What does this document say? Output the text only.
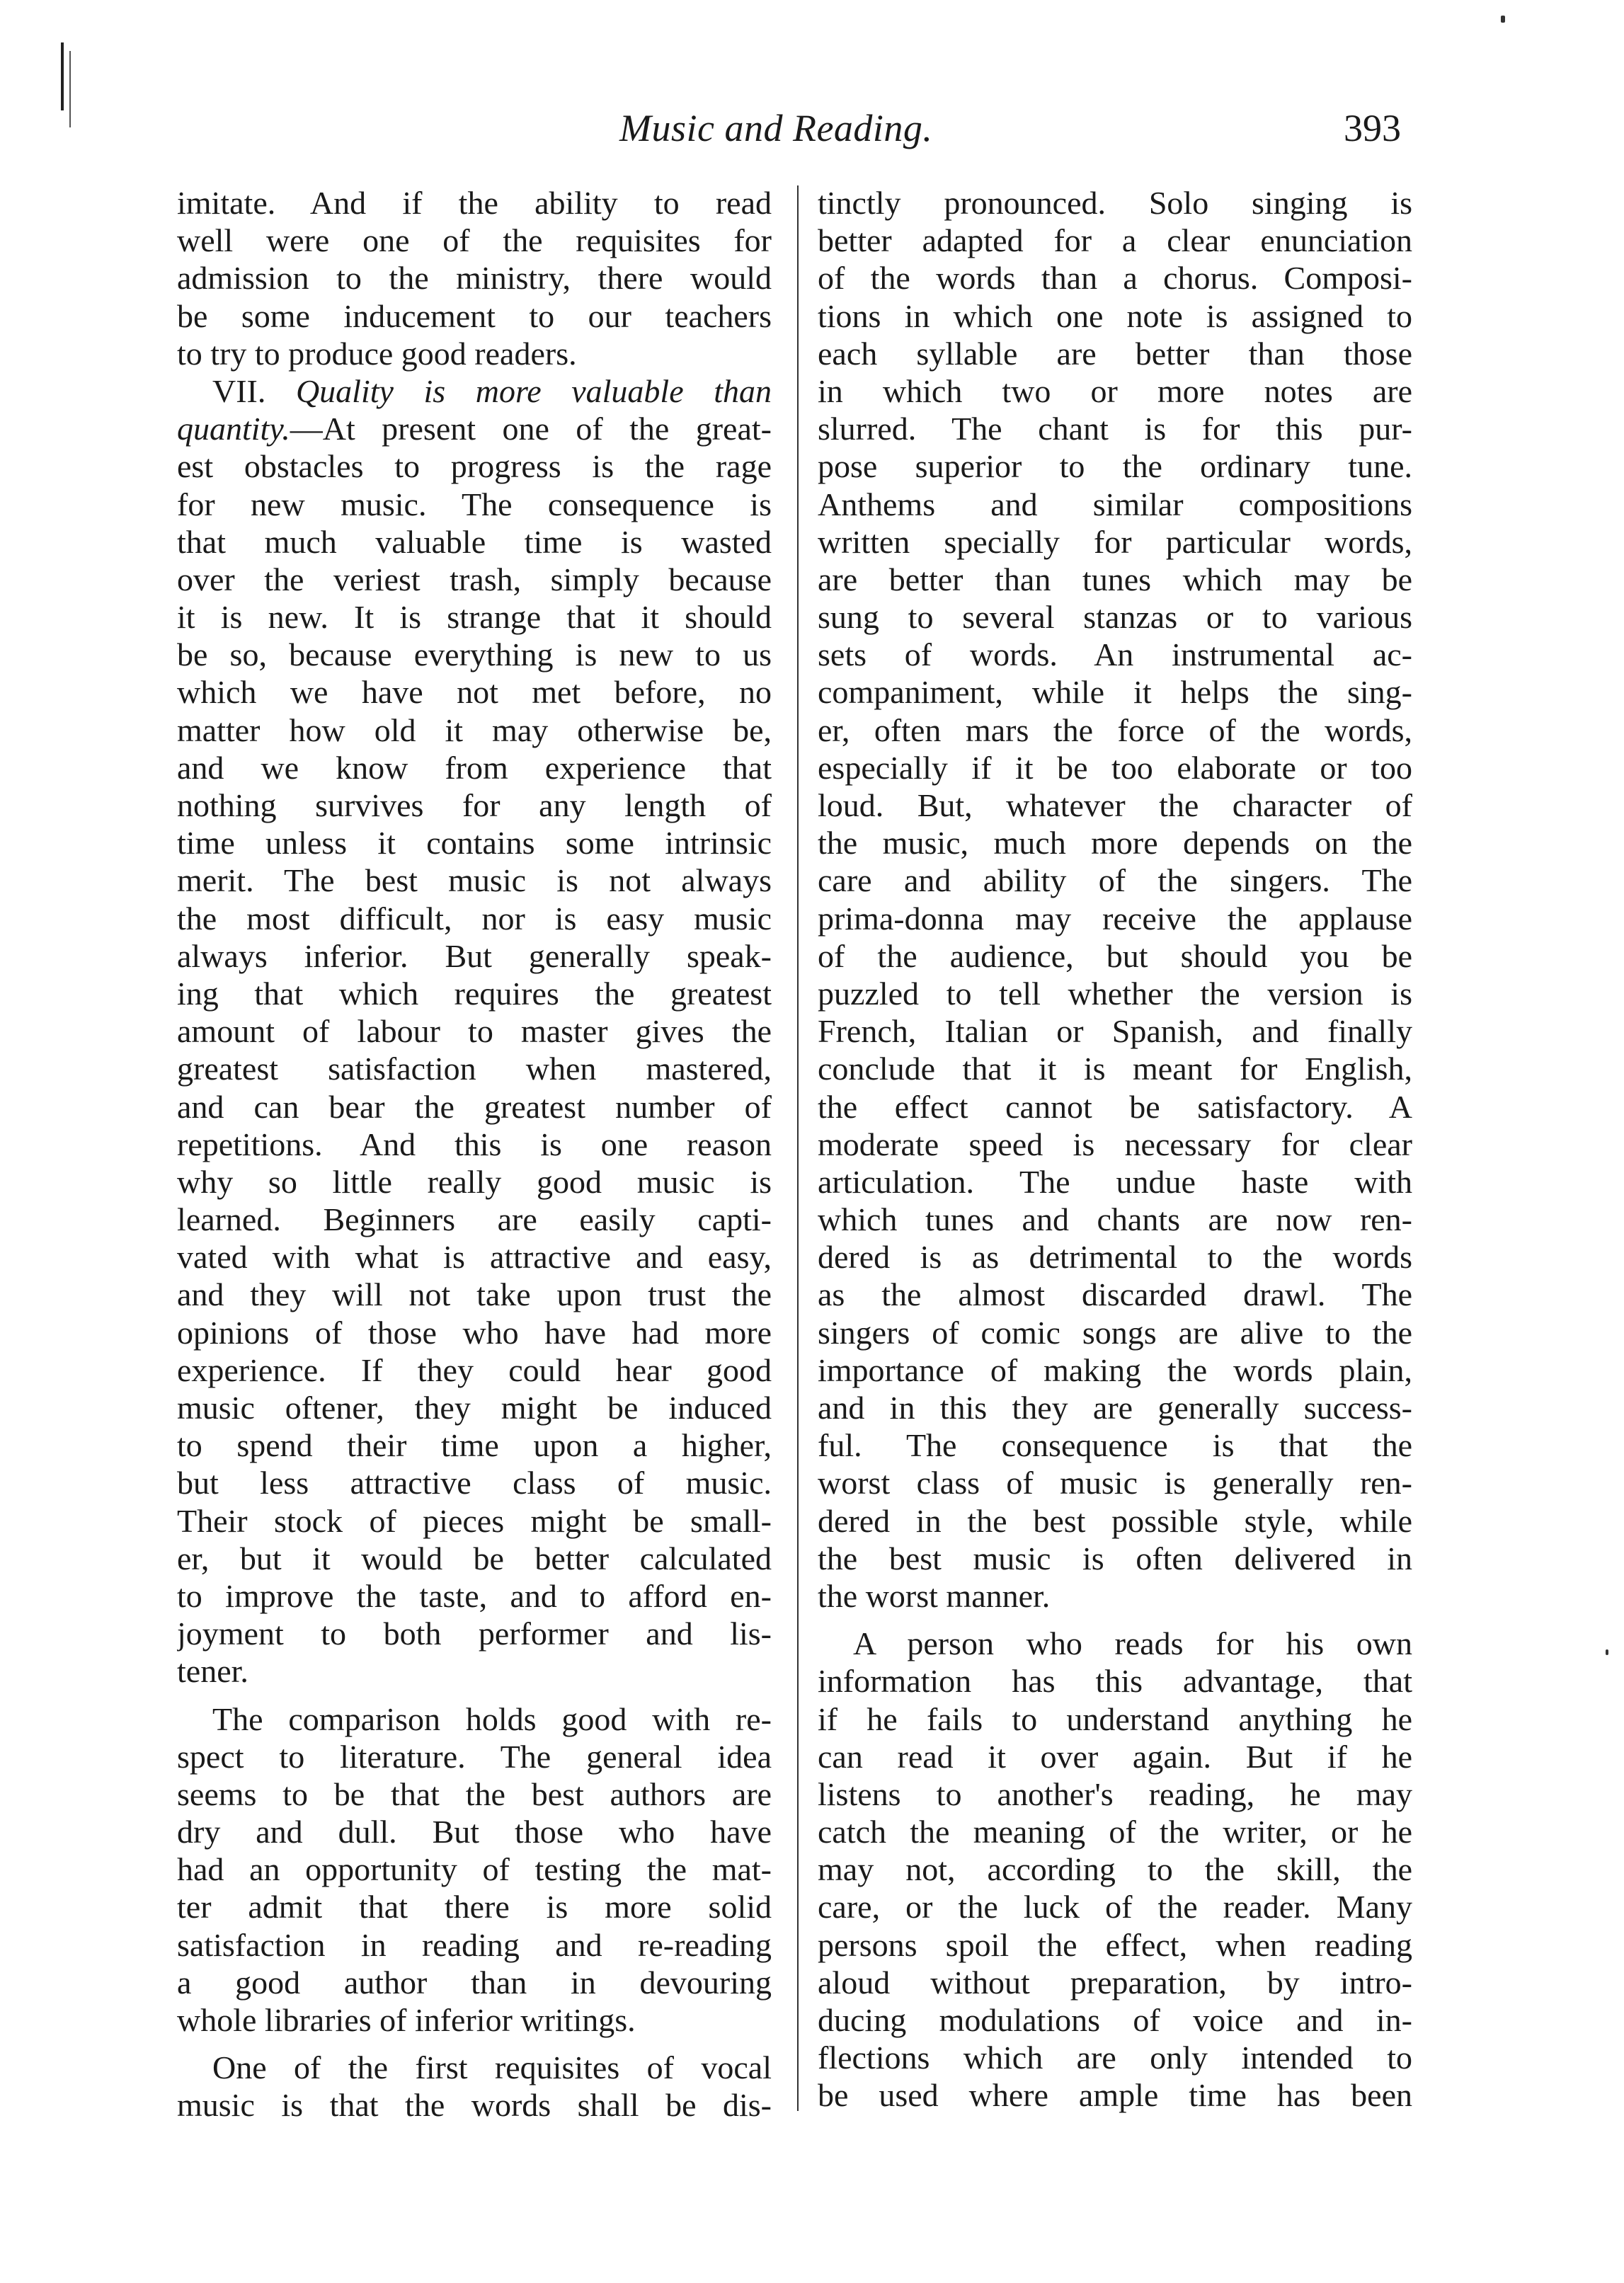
Music and Reading.	393
imitate. And if the ability to read
well were one of the requisites for
admission to the ministry, there would
be some inducement to our teachers
to try to produce good readers.
VII. Quality is more valuable than
quantity.—At present one of the great-
est obstacles to progress is the rage
for new music. The consequence is
that much valuable time is wasted
over the veriest trash, simply because
it is new. It is strange that it should
be so, because everything is new to us
which we have not met before, no
matter how old it may otherwise be,
and we know from experience that
nothing survives for any length of
time unless it contains some intrinsic
merit. The best music is not always
the most difficult, nor is easy music
always inferior. But generally speak-
ing that which requires the greatest
amount of labour to master gives the
greatest satisfaction when mastered,
and can bear the greatest number of
repetitions. And this is one reason
why so little really good music is
learned. Beginners are easily capti-
vated with what is attractive and easy,
and they will not take upon trust the
opinions of those who have had more
experience. If they could hear good
music oftener, they might be induced
to spend their time upon a higher,
but less attractive class of music.
Their stock of pieces might be small-
er, but it would be better calculated
to improve the taste, and to afford en-
joyment to both performer and lis-
tener.
The comparison holds good with re-
spect to literature. The general idea
seems to be that the best authors are
dry and dull. But those who have
had an opportunity of testing the mat-
ter admit that there is more solid
satisfaction in reading and re-reading
a good author than in devouring
whole libraries of inferior writings.
One of the first requisites of vocal
music is that the words shall be dis-
tinctly pronounced. Solo singing is
better adapted for a clear enunciation
of the words than a chorus. Composi-
tions in which one note is assigned to
each syllable are better than those
in which two or more notes are
slurred. The chant is for this pur-
pose superior to the ordinary tune.
Anthems and similar compositions
written specially for particular words,
are better than tunes which may be
sung to several stanzas or to various
sets of words. An instrumental ac-
companiment, while it helps the sing-
er, often mars the force of the words,
especially if it be too elaborate or too
loud. But, whatever the character of
the music, much more depends on the
care and ability of the singers. The
prima-donna may receive the applause
of the audience, but should you be
puzzled to tell whether the version is
French, Italian or Spanish, and finally
conclude that it is meant for English,
the effect cannot be satisfactory. A
moderate speed is necessary for clear
articulation. The undue haste with
which tunes and chants are now ren-
dered is as detrimental to the words
as the almost discarded drawl. The
singers of comic songs are alive to the
importance of making the words plain,
and in this they are generally success-
ful. The consequence is that the
worst class of music is generally ren-
dered in the best possible style, while
the best music is often delivered in
the worst manner.
A person who reads for his own
information has this advantage, that
if he fails to understand anything he
can read it over again. But if he
listens to another's reading, he may
catch the meaning of the writer, or he
may not, according to the skill, the
care, or the luck of the reader. Many
persons spoil the effect, when reading
aloud without preparation, by intro-
ducing modulations of voice and in-
flections which are only intended to
be used where ample time has been
